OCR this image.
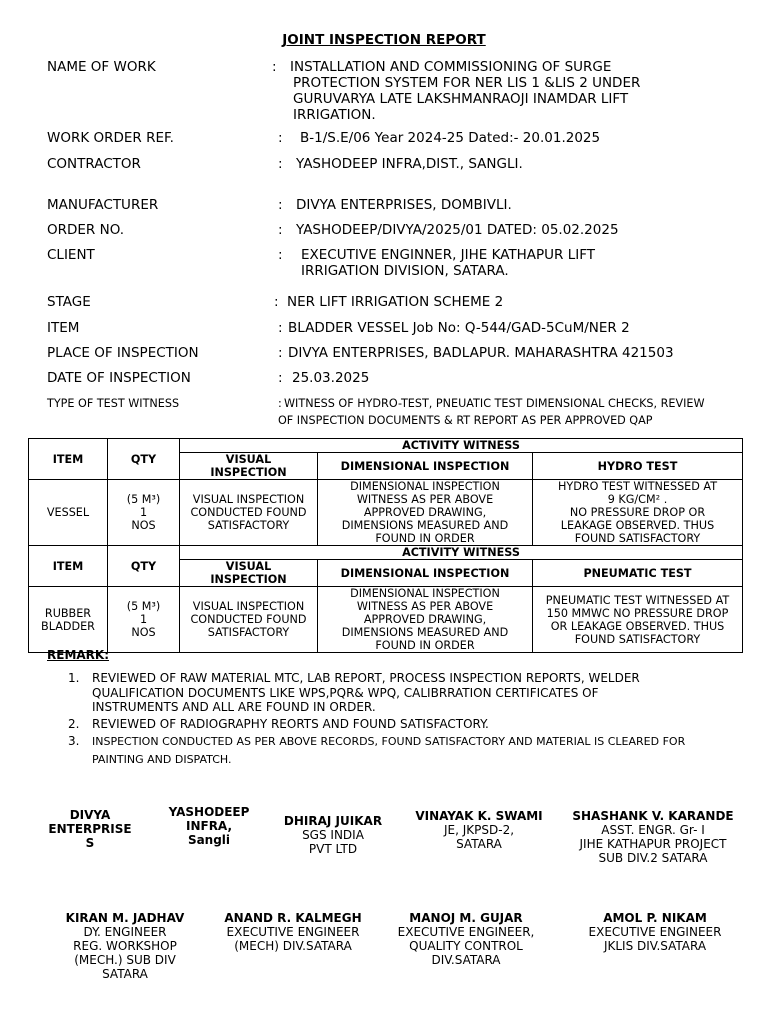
JOINT INSPECTION REPORT
NAME OF WORK	: INSTALLATION AND COMMISSIONING OF SURGE
PROTECTION SYSTEM FOR NER LIS 1 &LIS 2 UNDER
GURUVARYA LATE LAKSHMANRAOJI INAMDAR LIFT
IRRIGATION.
WORK ORDER REF.	: B-1/S.E/06 Year 2024-25 Dated:- 20.01.2025
CONTRACTOR	: YASHODEEP INFRA,DIST., SANGLI.
MANUFACTURER	: DIVYA ENTERPRISES, DOMBIVLI.
ORDER NO.	: YASHODEEP/DIVYA/2025/01 DATED: 05.02.2025
CLIENT	: EXECUTIVE ENGINNER, JIHE KATHAPUR LIFT
IRRIGATION DIVISION, SATARA.
STAGE	: NER LIFT IRRIGATION SCHEME 2
ITEM	: BLADDER VESSEL Job No: Q-544/GAD-5CuM/NER 2
PLACE OF INSPECTION	: DIVYA ENTERPRISES, BADLAPUR. MAHARASHTRA 421503
DATE OF INSPECTION	: 25.03.2025
TYPE OF TEST WITNESS	: WITNESS OF HYDRO-TEST, PNEUATIC TEST DIMENSIONAL CHECKS, REVIEW
OF INSPECTION DOCUMENTS & RT REPORT AS PER APPROVED QAP
ITEM	QTY	ACTIVITY WITNESS		
		VISUAL
INSPECTION	DIMENSIONAL INSPECTION	HYDRO TEST
VESSEL	(5 M³)
1
NOS	VISUAL INSPECTION
CONDUCTED FOUND
SATISFACTORY	DIMENSIONAL INSPECTION
WITNESS AS PER ABOVE
APPROVED DRAWING,
DIMENSIONS MEASURED AND
FOUND IN ORDER	HYDRO TEST WITNESSED AT
9 KG/CM² .
NO PRESSURE DROP OR
LEAKAGE OBSERVED. THUS
FOUND SATISFACTORY
ITEM	QTY	ACTIVITY WITNESS		
		VISUAL
INSPECTION	DIMENSIONAL INSPECTION	PNEUMATIC TEST
RUBBER
BLADDER	(5 M³)
1
NOS	VISUAL INSPECTION
CONDUCTED FOUND
SATISFACTORY	DIMENSIONAL INSPECTION
WITNESS AS PER ABOVE
APPROVED DRAWING,
DIMENSIONS MEASURED AND
FOUND IN ORDER	PNEUMATIC TEST WITNESSED AT
150 MMWC NO PRESSURE DROP
OR LEAKAGE OBSERVED. THUS
FOUND SATISFACTORY
REMARK:
1.	REVIEWED OF RAW MATERIAL MTC, LAB REPORT, PROCESS INSPECTION REPORTS, WELDER
QUALIFICATION DOCUMENTS LIKE WPS,PQR& WPQ, CALIBRRATION CERTIFICATES OF
INSTRUMENTS AND ALL ARE FOUND IN ORDER.
2.	REVIEWED OF RADIOGRAPHY REORTS AND FOUND SATISFACTORY.
3.	INSPECTION CONDUCTED AS PER ABOVE RECORDS, FOUND SATISFACTORY AND MATERIAL IS CLEARED FOR
PAINTING AND DISPATCH.
DIVYA
ENTERPRISE
S
YASHODEEP
INFRA,
Sangli
DHIRAJ JUIKAR
SGS INDIA
PVT LTD
VINAYAK K. SWAMI
JE, JKPSD-2,
SATARA
SHASHANK V. KARANDE
ASST. ENGR. Gr- I
JIHE KATHAPUR PROJECT
SUB DIV.2 SATARA
KIRAN M. JADHAV
DY. ENGINEER
REG. WORKSHOP
(MECH.) SUB DIV
SATARA
ANAND R. KALMEGH
EXECUTIVE ENGINEER
(MECH) DIV.SATARA
MANOJ M. GUJAR
EXECUTIVE ENGINEER,
QUALITY CONTROL
DIV.SATARA
AMOL P. NIKAM
EXECUTIVE ENGINEER
JKLIS DIV.SATARA
